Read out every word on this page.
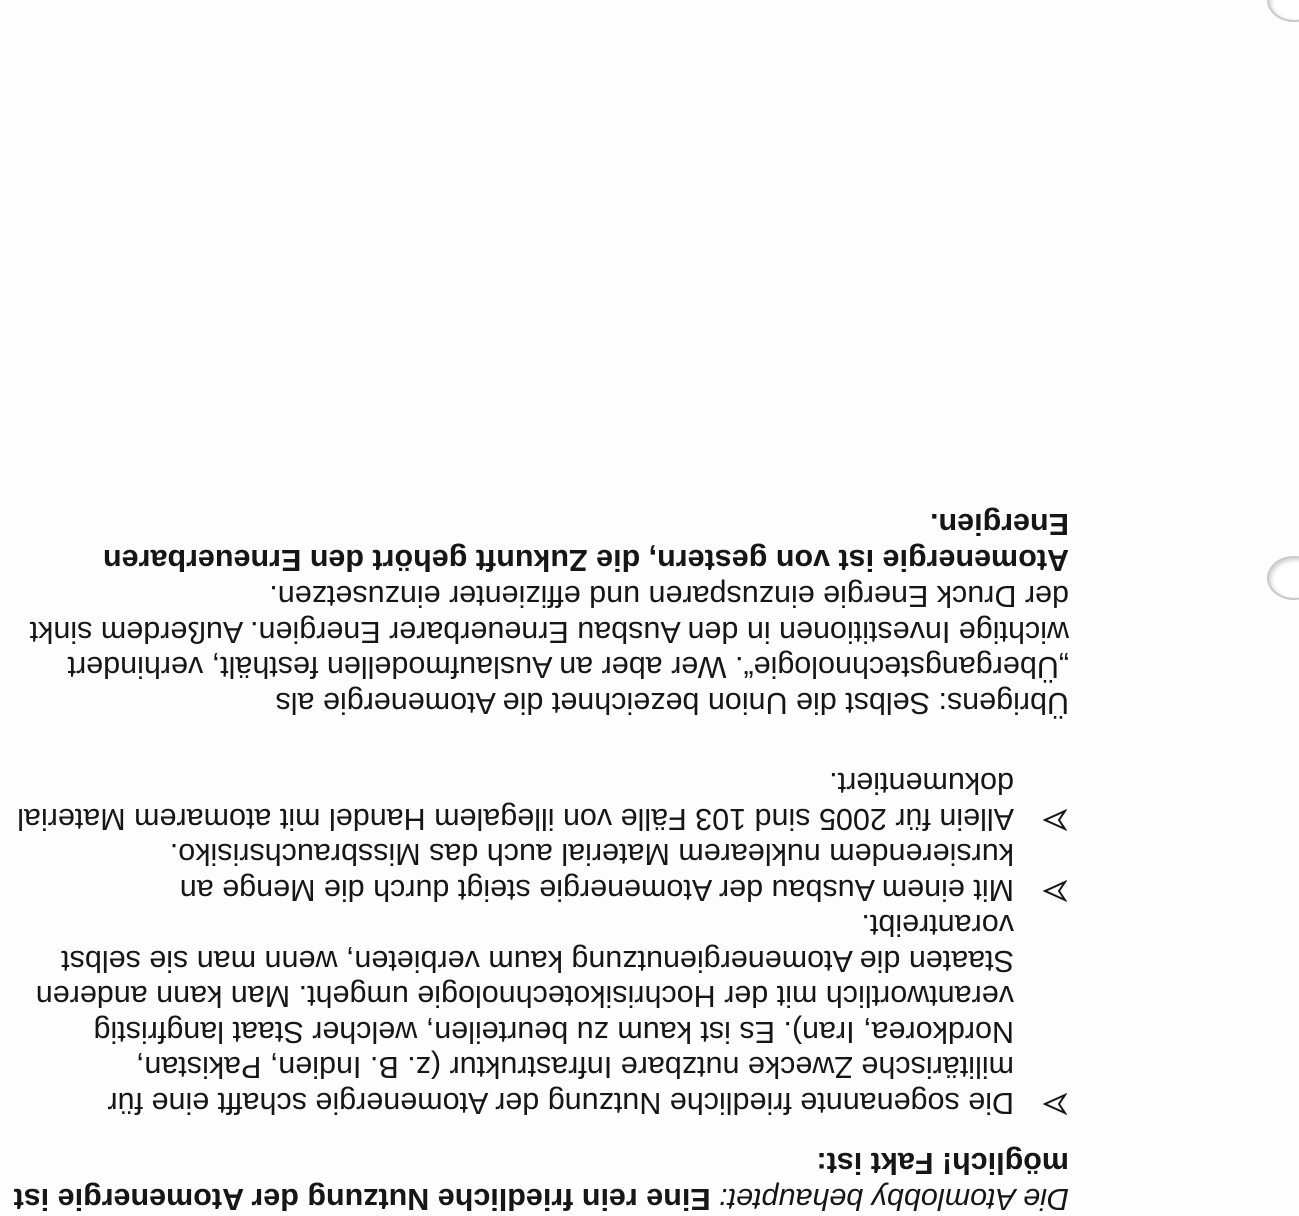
Die Atomlobby behauptet: Eine rein friedliche Nutzung der Atomenergie ist möglich! Fakt ist:
Die sogenannte friedliche Nutzung der Atomenergie schafft eine für militärische Zwecke nutzbare Infrastruktur (z. B. Indien, Pakistan, Nordkorea, Iran). Es ist kaum zu beurteilen, welcher Staat langfristig verantwortlich mit der Hochrisikotechnologie umgeht. Man kann anderen Staaten die Atomenergienutzung kaum verbieten, wenn man sie selbst vorantreibt.
Mit einem Ausbau der Atomenergie steigt durch die Menge an kursierendem nuklearem Material auch das Missbrauchsrisiko.
Allein für 2005 sind 103 Fälle von illegalem Handel mit atomarem Material dokumentiert.
Übrigens: Selbst die Union bezeichnet die Atomenergie als „Übergangstechnologie“. Wer aber an Auslaufmodellen festhält, verhindert wichtige Investitionen in den Ausbau Erneuerbarer Energien. Außerdem sinkt der Druck Energie einzusparen und effizienter einzusetzen.
Atomenergie ist von gestern, die Zukunft gehört den Erneuerbaren Energien.
